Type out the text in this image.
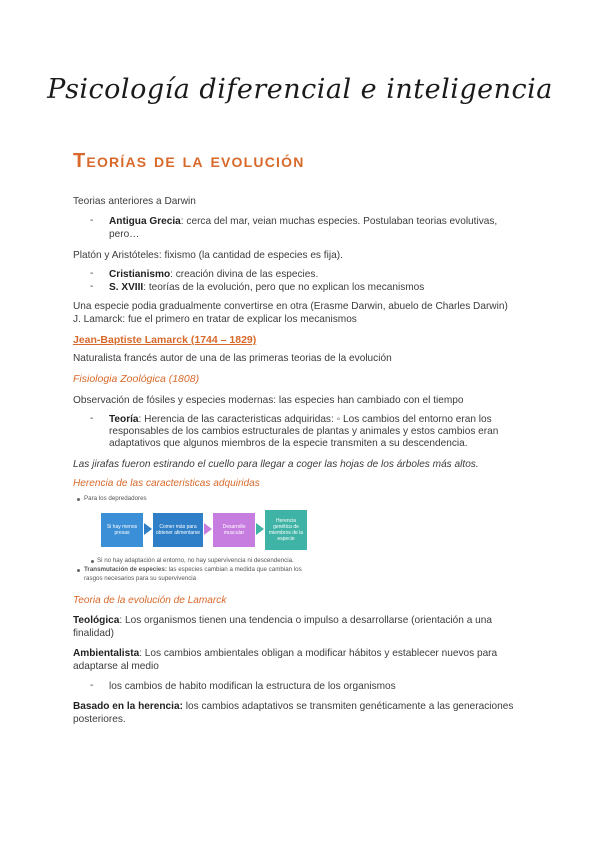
Psicología diferencial e inteligencia
Teorías de la evolución
Teorias anteriores a Darwin
- Antigua Grecia: cerca del mar, veian muchas especies. Postulaban teorias evolutivas,
pero…
Platón y Aristóteles: fixismo (la cantidad de especies es fija).
- Cristianismo: creación divina de las especies.
- S. XVIII: teorías de la evolución, pero que no explican los mecanismos
Una especie podia gradualmente convertirse en otra (Erasme Darwin, abuelo de Charles Darwin)
J. Lamarck: fue el primero en tratar de explicar los mecanismos
Jean-Baptiste Lamarck (1744 – 1829)
Naturalista francés autor de una de las primeras teorias de la evolución
Fisiologia Zoológica (1808)
Observación de fósiles y especies modernas: las especies han cambiado con el tiempo
- Teoría: Herencia de las caracteristicas adquiridas: ◦ Los cambios del entorno eran los
responsables de los cambios estructurales de plantas y animales y estos cambios eran
adaptativos que algunos miembros de la especie transmiten a su descendencia.
Las jirafas fueron estirando el cuello para llegar a coger las hojas de los árboles más altos.
Herencia de las caracteristicas adquiridas
Para los depredadores
Si hay menos presas
Comer más para obtener alimentarse
Desarrollo muscular
Herencia genética de miembros de la especie
Si no hay adaptación al entorno, no hay supervivencia ni descendencia.
Transmutación de especies: las especies cambian a medida que cambian los
rasgos necesarios para su supervivencia
Teoria de la evolución de Lamarck
Teológica: Los organismos tienen una tendencia o impulso a desarrollarse (orientación a una
finalidad)
Ambientalista: Los cambios ambientales obligan a modificar hábitos y establecer nuevos para
adaptarse al medio
- los cambios de habito modifican la estructura de los organismos
Basado en la herencia: los cambios adaptativos se transmiten genéticamente a las generaciones
posteriores.
